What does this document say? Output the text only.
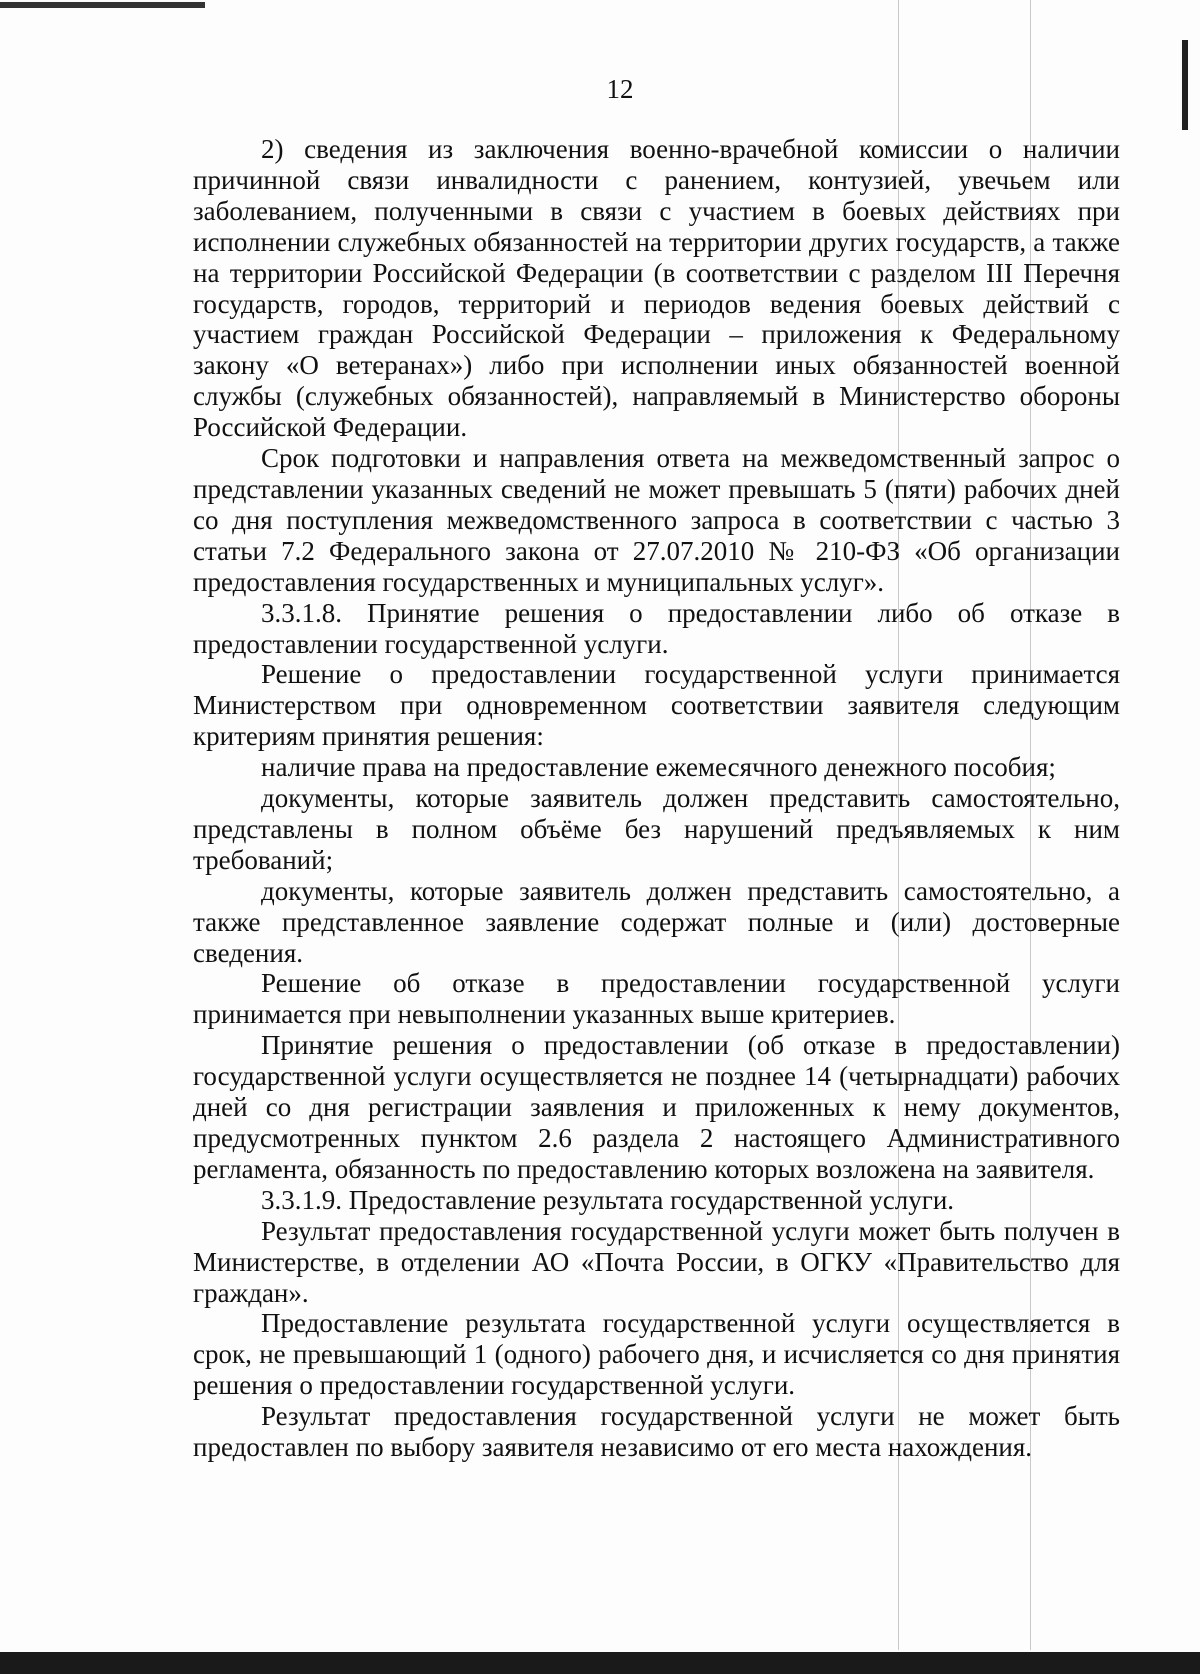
12

2) сведения из заключения военно-врачебной комиссии о наличии причинной связи инвалидности с ранением, контузией, увечьем или заболеванием, полученными в связи с участием в боевых действиях при исполнении служебных обязанностей на территории других государств, а также на территории Российской Федерации (в соответствии с разделом III Перечня государств, городов, территорий и периодов ведения боевых действий с участием граждан Российской Федерации – приложения к Федеральному закону «О ветеранах») либо при исполнении иных обязанностей военной службы (служебных обязанностей), направляемый в Министерство обороны Российской Федерации.

Срок подготовки и направления ответа на межведомственный запрос о представлении указанных сведений не может превышать 5 (пяти) рабочих дней со дня поступления межведомственного запроса в соответствии с частью 3 статьи 7.2 Федерального закона от 27.07.2010 № 210-ФЗ «Об организации предоставления государственных и муниципальных услуг».

3.3.1.8. Принятие решения о предоставлении либо об отказе в предоставлении государственной услуги.

Решение о предоставлении государственной услуги принимается Министерством при одновременном соответствии заявителя следующим критериям принятия решения:

наличие права на предоставление ежемесячного денежного пособия;

документы, которые заявитель должен представить самостоятельно, представлены в полном объёме без нарушений предъявляемых к ним требований;

документы, которые заявитель должен представить самостоятельно, а также представленное заявление содержат полные и (или) достоверные сведения.

Решение об отказе в предоставлении государственной услуги принимается при невыполнении указанных выше критериев.

Принятие решения о предоставлении (об отказе в предоставлении) государственной услуги осуществляется не позднее 14 (четырнадцати) рабочих дней со дня регистрации заявления и приложенных к нему документов, предусмотренных пунктом 2.6 раздела 2 настоящего Административного регламента, обязанность по предоставлению которых возложена на заявителя.

3.3.1.9. Предоставление результата государственной услуги.

Результат предоставления государственной услуги может быть получен в Министерстве, в отделении АО «Почта России, в ОГКУ «Правительство для граждан».

Предоставление результата государственной услуги осуществляется в срок, не превышающий 1 (одного) рабочего дня, и исчисляется со дня принятия решения о предоставлении государственной услуги.

Результат предоставления государственной услуги не может быть предоставлен по выбору заявителя независимо от его места нахождения.
